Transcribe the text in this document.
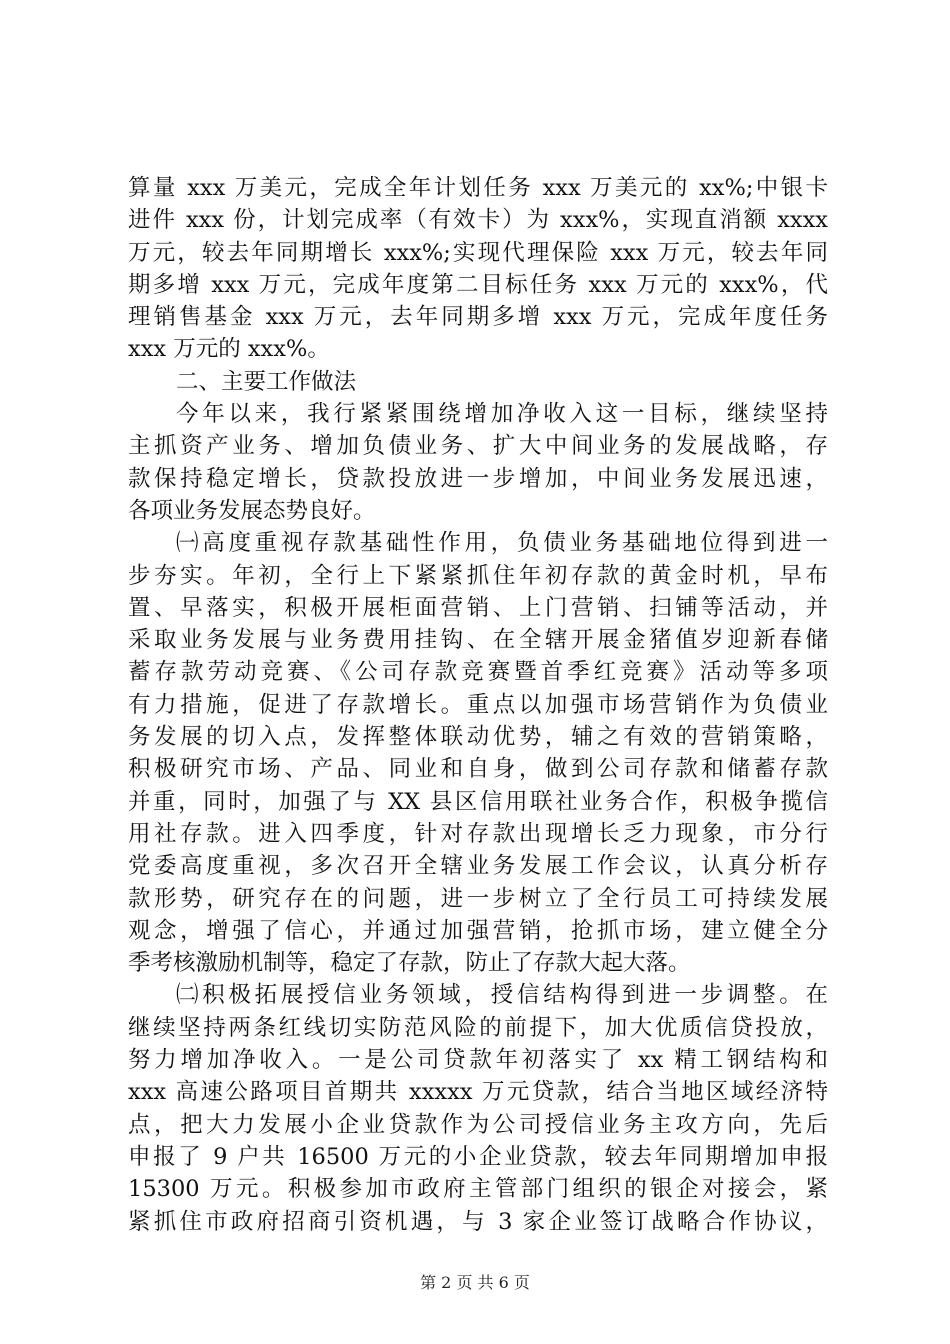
算量 xxx 万美元，完成全年计划任务 xxx 万美元的 xx%;中银卡
进件 xxx 份，计划完成率（有效卡）为 xxx%，实现直消额 xxxx
万元，较去年同期增长 xxx%;实现代理保险 xxx 万元，较去年同
期多增 xxx 万元，完成年度第二目标任务 xxx 万元的 xxx%，代
理销售基金 xxx 万元，去年同期多增 xxx 万元，完成年度任务
xxx 万元的 xxx%。
二、主要工作做法
今年以来，我行紧紧围绕增加净收入这一目标，继续坚持
主抓资产业务、增加负债业务、扩大中间业务的发展战略，存
款保持稳定增长，贷款投放进一步增加，中间业务发展迅速，
各项业务发展态势良好。
㈠高度重视存款基础性作用，负债业务基础地位得到进一
步夯实。年初，全行上下紧紧抓住年初存款的黄金时机，早布
置、早落实，积极开展柜面营销、上门营销、扫铺等活动，并
采取业务发展与业务费用挂钩、在全辖开展金猪值岁迎新春储
蓄存款劳动竞赛、《公司存款竞赛暨首季红竞赛》活动等多项
有力措施，促进了存款增长。重点以加强市场营销作为负债业
务发展的切入点，发挥整体联动优势，辅之有效的营销策略，
积极研究市场、产品、同业和自身，做到公司存款和储蓄存款
并重，同时，加强了与 XX 县区信用联社业务合作，积极争揽信
用社存款。进入四季度，针对存款出现增长乏力现象，市分行
党委高度重视，多次召开全辖业务发展工作会议，认真分析存
款形势，研究存在的问题，进一步树立了全行员工可持续发展
观念，增强了信心，并通过加强营销，抢抓市场，建立健全分
季考核激励机制等，稳定了存款，防止了存款大起大落。
㈡积极拓展授信业务领域，授信结构得到进一步调整。在
继续坚持两条红线切实防范风险的前提下，加大优质信贷投放，
努力增加净收入。一是公司贷款年初落实了 xx 精工钢结构和
xxx 高速公路项目首期共 xxxxx 万元贷款，结合当地区域经济特
点，把大力发展小企业贷款作为公司授信业务主攻方向，先后
申报了 9 户共 16500 万元的小企业贷款，较去年同期增加申报
15300 万元。积极参加市政府主管部门组织的银企对接会，紧
紧抓住市政府招商引资机遇，与 3 家企业签订战略合作协议，
第 2 页 共 6 页
